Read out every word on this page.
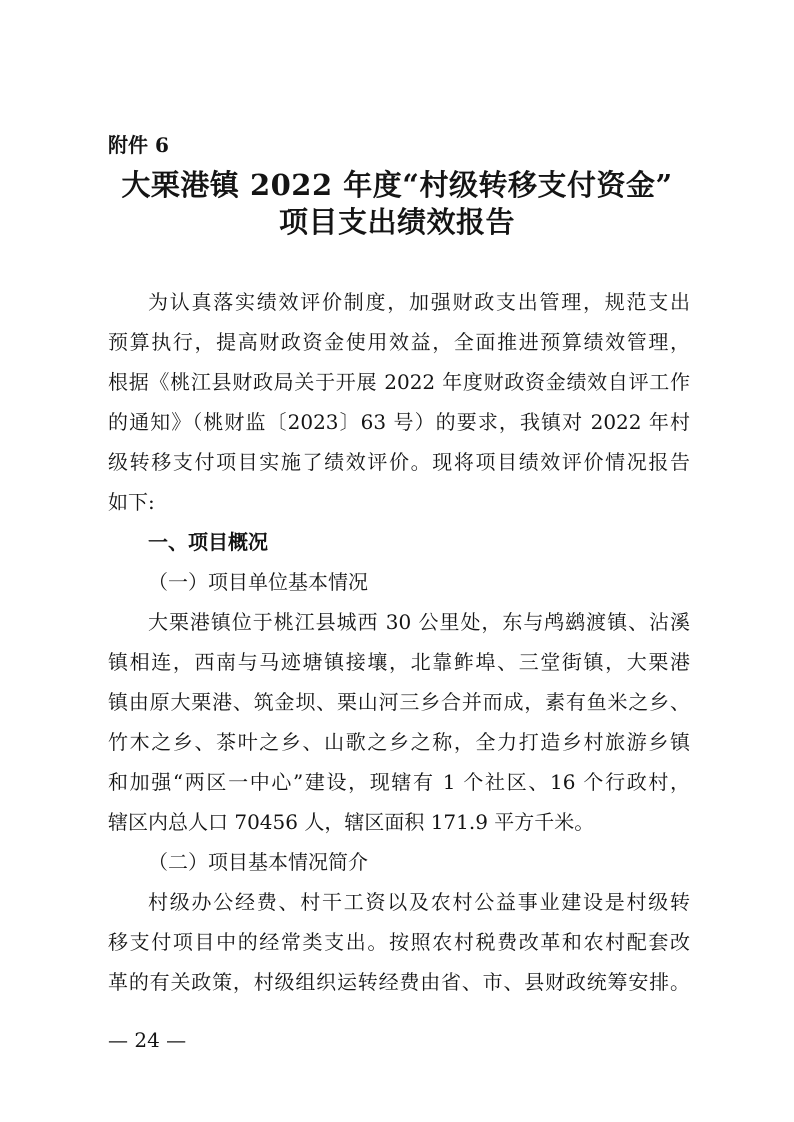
附件 6
大栗港镇 2022 年度“村级转移支付资金”
项目支出绩效报告
为认真落实绩效评价制度，加强财政支出管理，规范支出
预算执行，提高财政资金使用效益，全面推进预算绩效管理，
根据《桃江县财政局关于开展 2022 年度财政资金绩效自评工作
的通知》（桃财监〔2023〕63 号）的要求，我镇对 2022 年村
级转移支付项目实施了绩效评价。现将项目绩效评价情况报告
如下:
一、项目概况
（一）项目单位基本情况
大栗港镇位于桃江县城西 30 公里处，东与鸬鹚渡镇、沾溪
镇相连，西南与马迹塘镇接壤，北靠鲊埠、三堂街镇，大栗港
镇由原大栗港、筑金坝、栗山河三乡合并而成，素有鱼米之乡、
竹木之乡、茶叶之乡、山歌之乡之称，全力打造乡村旅游乡镇
和加强“两区一中心”建设，现辖有 1 个社区、16 个行政村，
辖区内总人口 70456 人，辖区面积 171.9 平方千米。
（二）项目基本情况简介
村级办公经费、村干工资以及农村公益事业建设是村级转
移支付项目中的经常类支出。按照农村税费改革和农村配套改
革的有关政策，村级组织运转经费由省、市、县财政统筹安排。
— 24 —
